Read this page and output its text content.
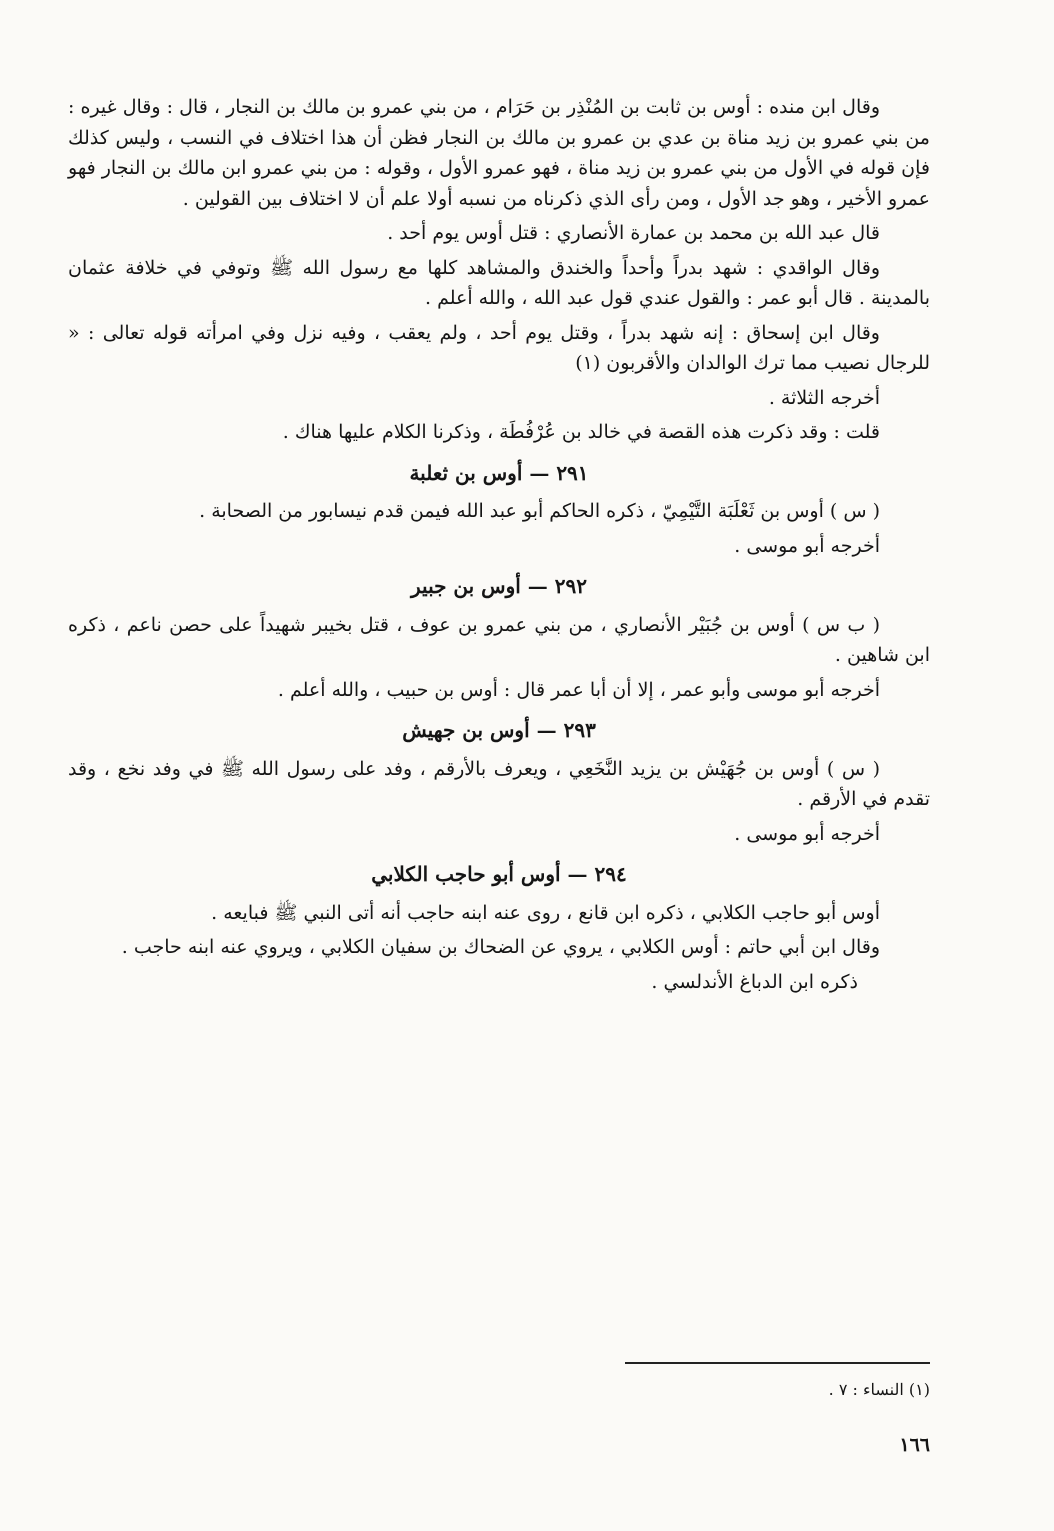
وقال ابن منده : أوس بن ثابت بن المُنْذِر بن حَرَام ، من بني عمرو بن مالك بن النجار ، قال : وقال غيره : من بني عمرو بن زيد مناة بن عدي بن عمرو بن مالك بن النجار فظن أن هذا اختلاف في النسب ، وليس كذلك فإن قوله في الأول من بني عمرو بن زيد مناة ، فهو عمرو الأول ، وقوله : من بني عمرو ابن مالك بن النجار فهو عمرو الأخير ، وهو جد الأول ، ومن رأى الذي ذكرناه من نسبه أولا علم أن لا اختلاف بين القولين .

قال عبد الله بن محمد بن عمارة الأنصاري : قتل أوس يوم أحد .

وقال الواقدي : شهد بدراً وأحداً والخندق والمشاهد كلها مع رسول الله ﷺ وتوفي في خلافة عثمان بالمدينة . قال أبو عمر : والقول عندي قول عبد الله ، والله أعلم .

وقال ابن إسحاق : إنه شهد بدراً ، وقتل يوم أحد ، ولم يعقب ، وفيه نزل وفي امرأته قوله تعالى : « للرجال نصيب مما ترك الوالدان والأقربون (١)

أخرجه الثلاثة .

قلت : وقد ذكرت هذه القصة في خالد بن عُرْفُطَة ، وذكرنا الكلام عليها هناك .

٢٩١ — أوس بن ثعلبة

( س ) أوس بن ثَعْلَبَة التَّيْمِيّ ، ذكره الحاكم أبو عبد الله فيمن قدم نيسابور من الصحابة .

أخرجه أبو موسى .

٢٩٢ — أوس بن جبير

( ب س ) أوس بن جُبَيْر الأنصاري ، من بني عمرو بن عوف ، قتل بخيبر شهيداً على حصن ناعم ، ذكره ابن شاهين .

أخرجه أبو موسى وأبو عمر ، إلا أن أبا عمر قال : أوس بن حبيب ، والله أعلم .

٢٩٣ — أوس بن جهيش

( س ) أوس بن جُهَيْش بن يزيد النَّخَعِي ، ويعرف بالأرقم ، وفد على رسول الله ﷺ في وفد نخع ، وقد تقدم في الأرقم .

أخرجه أبو موسى .

٢٩٤ — أوس أبو حاجب الكلابي

أوس أبو حاجب الكلابي ، ذكره ابن قانع ، روى عنه ابنه حاجب أنه أتى النبي ﷺ فبايعه .

وقال ابن أبي حاتم : أوس الكلابي ، يروي عن الضحاك بن سفيان الكلابي ، ويروي عنه ابنه حاجب .

ذكره ابن الدباغ الأندلسي .

(١) النساء : ٧ .
١٦٦
